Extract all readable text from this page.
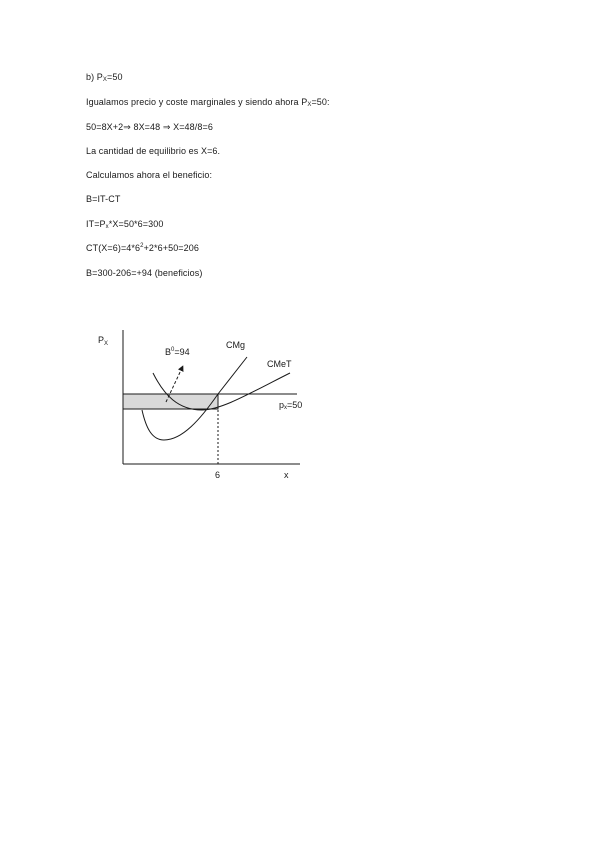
b) $P_X=50$
Igualamos precio y coste marginales y siendo ahora $P_X=50$:
50=8X+2⇒ 8X=48 ⇒ X=48/8=6
La cantidad de equilibrio es X=6.
Calculamos ahora el beneficio:
B=IT-CT
$IT=P_x*X=50*6=300$
$CT(X=6)=4*6^2+2*6+50=206$
B=300-206=+94 (beneficios)
$P_X$
$B^0=94$
CMg
CMeT
px=50
6	x
